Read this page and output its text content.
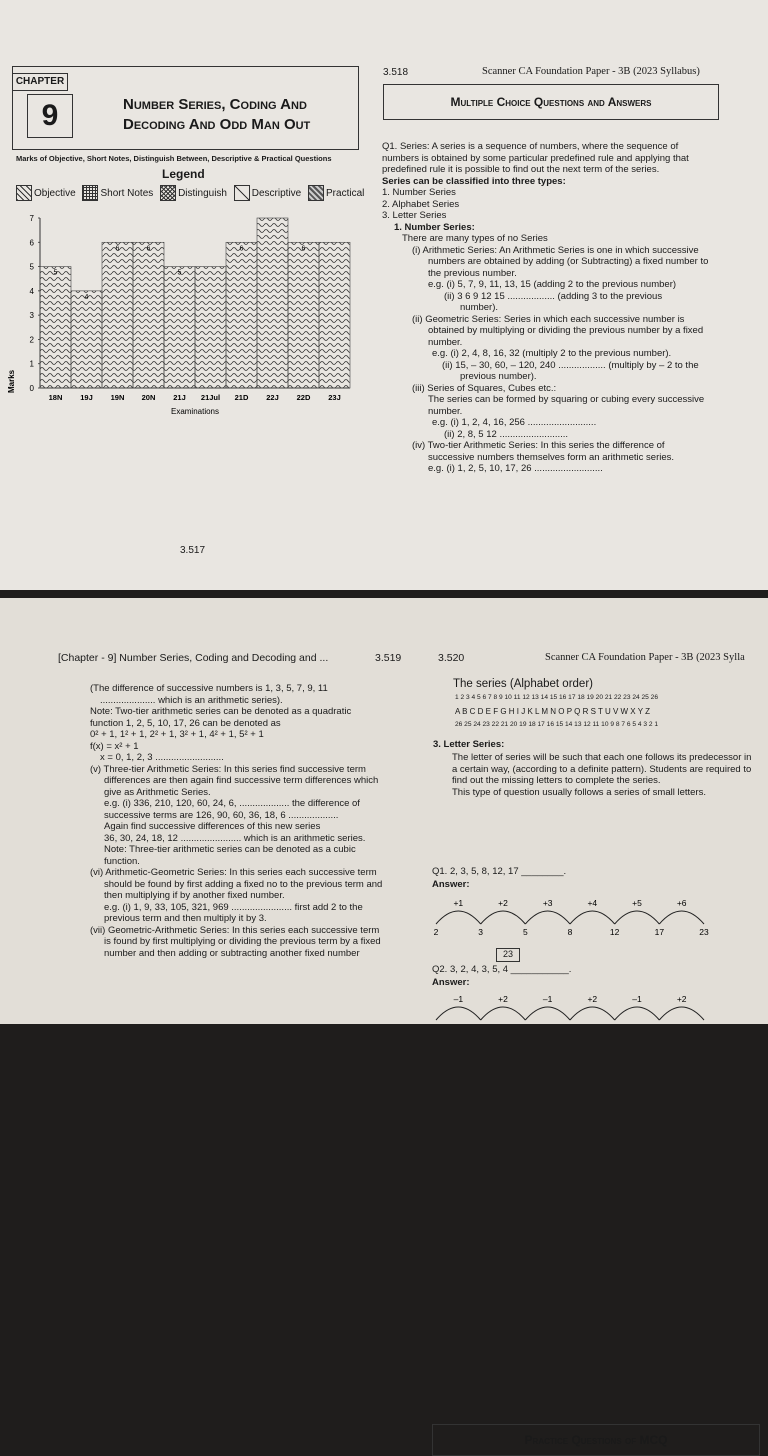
CHAPTER
9	Number Series, Coding And
Decoding And Odd Man Out
Marks of Objective, Short Notes, Distinguish Between, Descriptive & Practical Questions
Legend
Objective
Short Notes
Distinguish
Descriptive
Practical
0
1
2
3
4
5
6
7
5
18N
4
19J
6
19N
6
20N
5
21J 21Jul
6
21D 22J
6
22D 23J
Marks
Examinations
3.517
3.518	Scanner CA Foundation Paper - 3B (2023 Syllabus)
Multiple Choice Questions and Answers
Q1. Series: A series is a sequence of numbers, where the sequence of
numbers is obtained by some particular predefined rule and applying that
predefined rule it is possible to find out the next term of the series.
Series can be classified into three types:
1. Number Series
2. Alphabet Series
3. Letter Series
1. Number Series:
There are many types of no Series
(i) Arithmetic Series: An Arithmetic Series is one in which successive
numbers are obtained by adding (or Subtracting) a fixed number to
the previous number.
e.g. (i) 5, 7, 9, 11, 13, 15 (adding 2 to the previous number)
(ii) 3 6 9 12 15 .................. (adding 3 to the previous
number).
(ii) Geometric Series: Series in which each successive number is
obtained by multiplying or dividing the previous number by a fixed
number.
e.g. (i) 2, 4, 8, 16, 32 (multiply 2 to the previous number).
(ii) 15, – 30, 60, – 120, 240 .................. (multiply by – 2 to the
previous number).
(iii) Series of Squares, Cubes etc.:
The series can be formed by squaring or cubing every successive
number.
e.g. (i) 1, 2, 4, 16, 256 ..........................
(ii) 2, 8, 5 12 ..........................
(iv) Two-tier Arithmetic Series: In this series the difference of
successive numbers themselves form an arithmetic series.
e.g. (i) 1, 2, 5, 10, 17, 26 ..........................
[Chapter - 9] Number Series, Coding and Decoding and ...	3.519
(The difference of successive numbers is 1, 3, 5, 7, 9, 11
..................... which is an arithmetic series).
Note: Two-tier arithmetic series can be denoted as a quadratic
function 1, 2, 5, 10, 17, 26 can be denoted as
0² + 1, 1² + 1, 2² + 1, 3² + 1, 4² + 1, 5² + 1
f(x) = x² + 1
x = 0, 1, 2, 3 ..........................
(v) Three-tier Arithmetic Series: In this series find successive term
differences are then again find successive term differences which
give as Arithmetic Series.
e.g. (i) 336, 210, 120, 60, 24, 6, ................... the difference of
successive terms are 126, 90, 60, 36, 18, 6 ...................
Again find successive differences of this new series
36, 30, 24, 18, 12 ....................... which is an arithmetic series.
Note: Three-tier arithmetic series can be denoted as a cubic
function.
(vi) Arithmetic-Geometric Series: In this series each successive term
should be found by first adding a fixed no to the previous term and
then multiplying if by another fixed number.
e.g. (i) 1, 9, 33, 105, 321, 969 ....................... first add 2 to the
previous term and then multiply it by 3.
(vii) Geometric-Arithmetic Series: In this series each successive term
is found by first multiplying or dividing the previous term by a fixed
number and then adding or subtracting another fixed number
3.520	Scanner CA Foundation Paper - 3B (2023 Sylla
The series (Alphabet order)
1 2 3 4 5 6 7 8 9 10 11 12 13 14 15 16 17 18 19 20 21 22 23 24 25 26
A B C D E F G H I J K L M N O P Q R S T U V W X Y Z
26 25 24 23 22 21 20 19 18 17 16 15 14 13 12 11 10 9 8 7 6 5 4 3 2 1
3. Letter Series:
The letter of series will be such that each one follows its predecessor in
a certain way, (according to a definite pattern). Students are required to
find out the missing letters to complete the series.
This type of question usually follows a series of small letters.
Practice Questions of MCQ
Q1. 2, 3, 5, 8, 12, 17 ________.
Answer:
+1	+2	+3	+4	+5	+6
2	3	5	8	12	17	23
23
Q2. 3, 2, 4, 3, 5, 4 ___________.
Answer:
–1	+2	–1	+2	–1	+2
